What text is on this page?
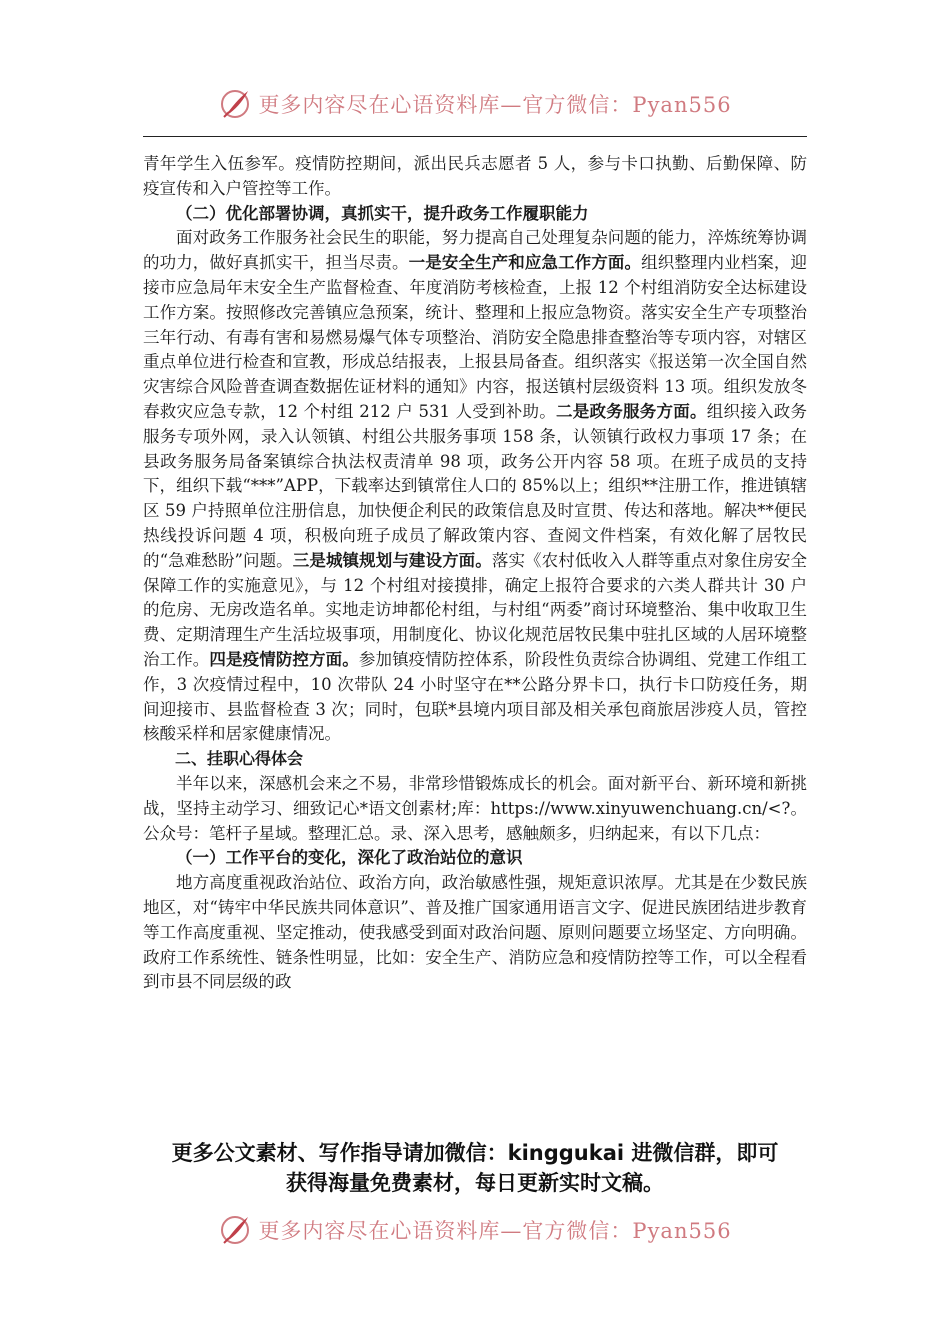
更多内容尽在心语资料库—官方微信：Pyan556

青年学生入伍参军。疫情防控期间，派出民兵志愿者 5 人，参与卡口执勤、后勤保障、防疫宣传和入户管控等工作。

（二）优化部署协调，真抓实干，提升政务工作履职能力

面对政务工作服务社会民生的职能，努力提高自己处理复杂问题的能力，淬炼统筹协调的功力，做好真抓实干，担当尽责。一是安全生产和应急工作方面。组织整理内业档案，迎接市应急局年末安全生产监督检查、年度消防考核检查，上报 12 个村组消防安全达标建设工作方案。按照修改完善镇应急预案，统计、整理和上报应急物资。落实安全生产专项整治三年行动、有毒有害和易燃易爆气体专项整治、消防安全隐患排查整治等专项内容，对辖区重点单位进行检查和宣教，形成总结报表，上报县局备查。组织落实《报送第一次全国自然灾害综合风险普查调查数据佐证材料的通知》内容，报送镇村层级资料 13 项。组织发放冬春救灾应急专款，12 个村组 212 户 531 人受到补助。二是政务服务方面。组织接入政务服务专项外网，录入认领镇、村组公共服务事项 158 条，认领镇行政权力事项 17 条；在县政务服务局备案镇综合执法权责清单 98 项，政务公开内容 58 项。在班子成员的支持下，组织下载“***”APP，下载率达到镇常住人口的 85%以上；组织**注册工作，推进镇辖区 59 户持照单位注册信息，加快便企利民的政策信息及时宣贯、传达和落地。解决**便民热线投诉问题 4 项，积极向班子成员了解政策内容、查阅文件档案，有效化解了居牧民的“急难愁盼”问题。三是城镇规划与建设方面。落实《农村低收入人群等重点对象住房安全保障工作的实施意见》，与 12 个村组对接摸排，确定上报符合要求的六类人群共计 30 户的危房、无房改造名单。实地走访坤都伦村组，与村组“两委”商讨环境整治、集中收取卫生费、定期清理生产生活垃圾事项，用制度化、协议化规范居牧民集中驻扎区域的人居环境整治工作。四是疫情防控方面。参加镇疫情防控体系，阶段性负责综合协调组、党建工作组工作，3 次疫情过程中，10 次带队 24 小时坚守在**公路分界卡口，执行卡口防疫任务，期间迎接市、县监督检查 3 次；同时，包联*县境内项目部及相关承包商旅居涉疫人员，管控核酸采样和居家健康情况。

二、挂职心得体会

半年以来，深感机会来之不易，非常珍惜锻炼成长的机会。面对新平台、新环境和新挑战，坚持主动学习、细致记心*语文创素材;库：https://www.xinyuwenchuang.cn/<?。公众号：笔杆子星域。整理汇总。录、深入思考，感触颇多，归纳起来，有以下几点：

（一）工作平台的变化，深化了政治站位的意识

地方高度重视政治站位、政治方向，政治敏感性强，规矩意识浓厚。尤其是在少数民族地区，对“铸牢中华民族共同体意识”、普及推广国家通用语言文字、促进民族团结进步教育等工作高度重视、坚定推动，使我感受到面对政治问题、原则问题要立场坚定、方向明确。政府工作系统性、链条性明显，比如：安全生产、消防应急和疫情防控等工作，可以全程看到市县不同层级的政

更多公文素材、写作指导请加微信：kinggukai 进微信群，即可
获得海量免费素材，每日更新实时文稿。
更多内容尽在心语资料库—官方微信：Pyan556
